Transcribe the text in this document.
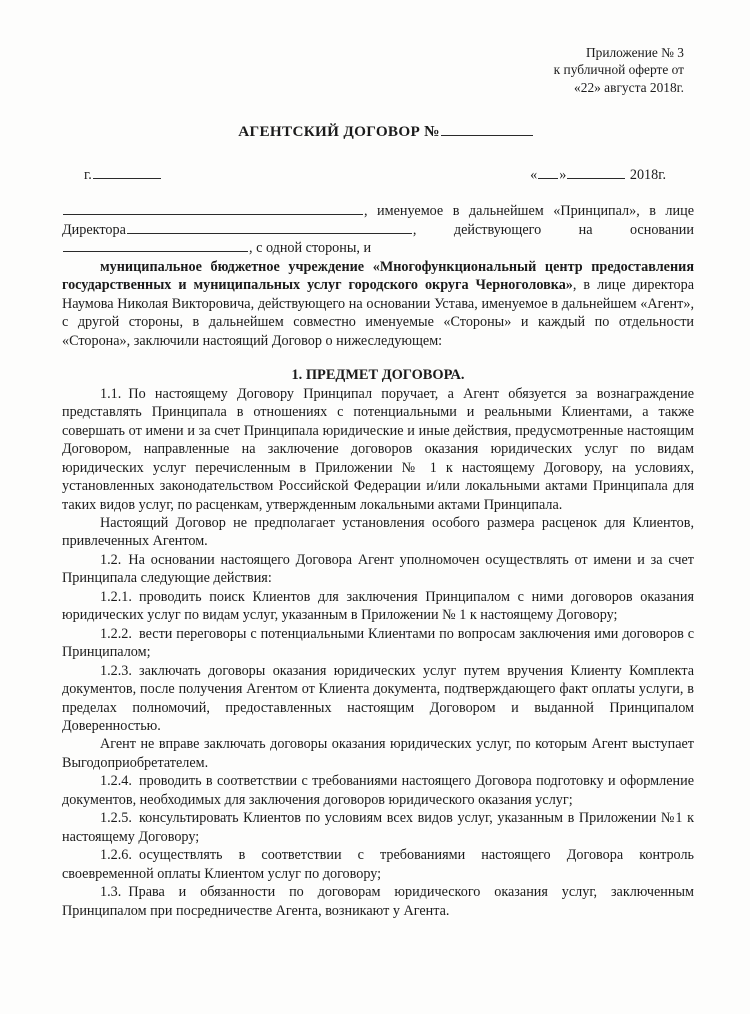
Приложение № 3
к публичной оферте от
«22» августа 2018г.
АГЕНТСКИЙ ДОГОВОР №
г.	« »	2018г.

, именуемое в дальнейшем «Принципал», в лице Директора	, действующего на основании , с одной стороны, и

муниципальное бюджетное учреждение «Многофункциональный центр предоставления государственных и муниципальных услуг городского округа Черноголовка», в лице директора Наумова Николая Викторовича, действующего на основании Устава, именуемое в дальнейшем «Агент», с другой стороны, в дальнейшем совместно именуемые «Стороны» и каждый по отдельности «Сторона», заключили настоящий Договор о нижеследующем:

1. ПРЕДМЕТ ДОГОВОРА.

1.1. По настоящему Договору Принципал поручает, а Агент обязуется за вознаграждение представлять Принципала в отношениях с потенциальными и реальными Клиентами, а также совершать от имени и за счет Принципала юридические и иные действия, предусмотренные настоящим Договором, направленные на заключение договоров оказания юридических услуг по видам юридических услуг перечисленным в Приложении № 1 к настоящему Договору, на условиях, установленных законодательством Российской Федерации и/или локальными актами Принципала для таких видов услуг, по расценкам, утвержденным локальными актами Принципала.

Настоящий Договор не предполагает установления особого размера расценок для Клиентов, привлеченных Агентом.

1.2. На основании настоящего Договора Агент уполномочен осуществлять от имени и за счет Принципала следующие действия:

1.2.1. проводить поиск Клиентов для заключения Принципалом с ними договоров оказания юридических услуг по видам услуг, указанным в Приложении № 1 к настоящему Договору;

1.2.2. вести переговоры с потенциальными Клиентами по вопросам заключения ими договоров с Принципалом;

1.2.3. заключать договоры оказания юридических услуг путем вручения Клиенту Комплекта документов, после получения Агентом от Клиента документа, подтверждающего факт оплаты услуги, в пределах полномочий, предоставленных настоящим Договором и выданной Принципалом Доверенностью.

Агент не вправе заключать договоры оказания юридических услуг, по которым Агент выступает Выгодоприобретателем.

1.2.4. проводить в соответствии с требованиями настоящего Договора подготовку и оформление документов, необходимых для заключения договоров юридического оказания услуг;

1.2.5. консультировать Клиентов по условиям всех видов услуг, указанным в Приложении №1 к настоящему Договору;

1.2.6. осуществлять в соответствии с требованиями настоящего Договора контроль своевременной оплаты Клиентом услуг по договору;

1.3. Права и обязанности по договорам юридического оказания услуг, заключенным Принципалом при посредничестве Агента, возникают у Агента.
